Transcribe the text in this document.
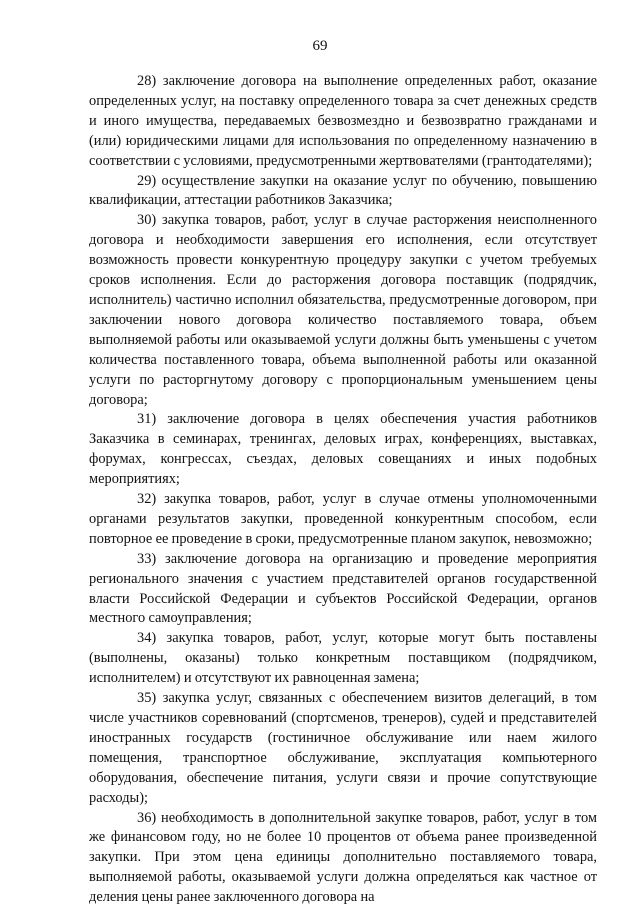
69

28) заключение договора на выполнение определенных работ, оказание определенных услуг, на поставку определенного товара за счет денежных средств и иного имущества, передаваемых безвозмездно и безвозвратно гражданами и (или) юридическими лицами для использования по определенному назначению в соответствии с условиями, предусмотренными жертвователями (грантодателями);

29) осуществление закупки на оказание услуг по обучению, повышению квалификации, аттестации работников Заказчика;

30) закупка товаров, работ, услуг в случае расторжения неисполненного договора и необходимости завершения его исполнения, если отсутствует возможность провести конкурентную процедуру закупки с учетом требуемых сроков исполнения. Если до расторжения договора поставщик (подрядчик, исполнитель) частично исполнил обязательства, предусмотренные договором, при заключении нового договора количество поставляемого товара, объем выполняемой работы или оказываемой услуги должны быть уменьшены с учетом количества поставленного товара, объема выполненной работы или оказанной услуги по расторгнутому договору с пропорциональным уменьшением цены договора;

31) заключение договора в целях обеспечения участия работников Заказчика в семинарах, тренингах, деловых играх, конференциях, выставках, форумах, конгрессах, съездах, деловых совещаниях и иных подобных мероприятиях;

32) закупка товаров, работ, услуг в случае отмены уполномоченными органами результатов закупки, проведенной конкурентным способом, если повторное ее проведение в сроки, предусмотренные планом закупок, невозможно;

33) заключение договора на организацию и проведение мероприятия регионального значения с участием представителей органов государственной власти Российской Федерации и субъектов Российской Федерации, органов местного самоуправления;

34) закупка товаров, работ, услуг, которые могут быть поставлены (выполнены, оказаны) только конкретным поставщиком (подрядчиком, исполнителем) и отсутствуют их равноценная замена;

35) закупка услуг, связанных с обеспечением визитов делегаций, в том числе участников соревнований (спортсменов, тренеров), судей и представителей иностранных государств (гостиничное обслуживание или наем жилого помещения, транспортное обслуживание, эксплуатация компьютерного оборудования, обеспечение питания, услуги связи и прочие сопутствующие расходы);

36) необходимость в дополнительной закупке товаров, работ, услуг в том же финансовом году, но не более 10 процентов от объема ранее произведенной закупки. При этом цена единицы дополнительно поставляемого товара, выполняемой работы, оказываемой услуги должна определяться как частное от деления цены ранее заключенного договора на
